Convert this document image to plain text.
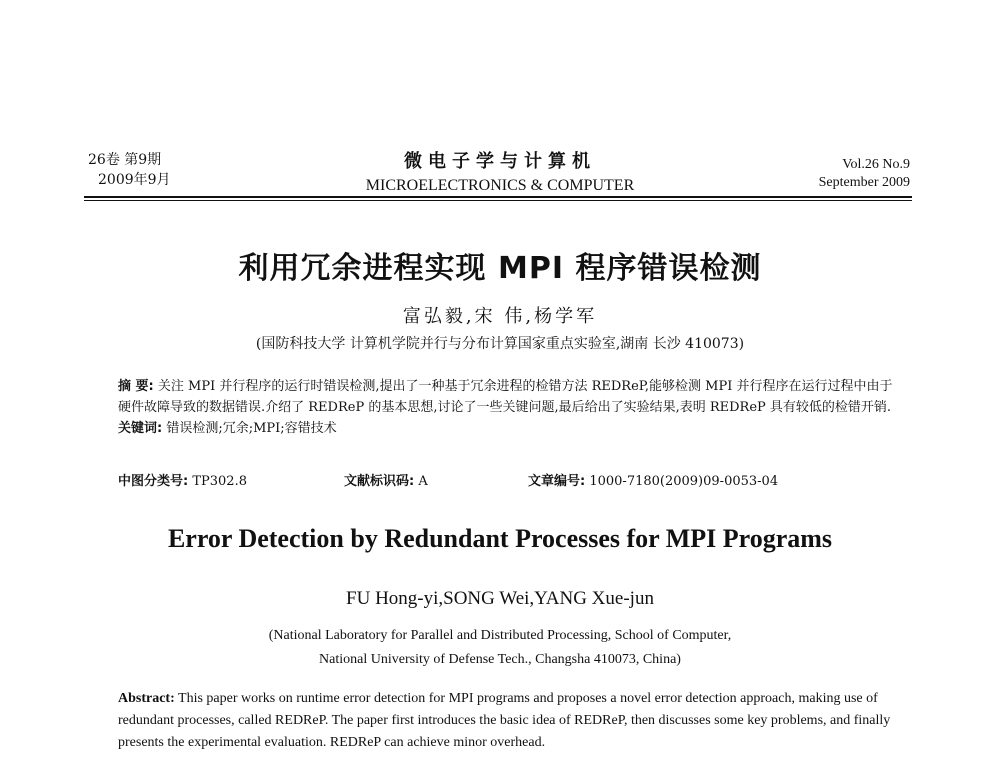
26卷 第9期
2009年9月
微电子学与计算机
MICROELECTRONICS & COMPUTER
Vol.26 No.9
September 2009
利用冗余进程实现 MPI 程序错误检测
富弘毅,宋 伟,杨学军
(国防科技大学 计算机学院并行与分布计算国家重点实验室,湖南 长沙 410073)
摘 要: 关注 MPI 并行程序的运行时错误检测,提出了一种基于冗余进程的检错方法 REDReP,能够检测 MPI 并行程序在运行过程中由于硬件故障导致的数据错误.介绍了 REDReP 的基本思想,讨论了一些关键问题,最后给出了实验结果,表明 REDReP 具有较低的检错开销.
关键词: 错误检测;冗余;MPI;容错技术
中图分类号: TP302.8	文献标识码: A	文章编号: 1000-7180(2009)09-0053-04
Error Detection by Redundant Processes for MPI Programs
FU Hong-yi,SONG Wei,YANG Xue-jun
(National Laboratory for Parallel and Distributed Processing, School of Computer,
National University of Defense Tech., Changsha 410073, China)
Abstract: This paper works on runtime error detection for MPI programs and proposes a novel error detection approach, making use of redundant processes, called REDReP. The paper first introduces the basic idea of REDReP, then discusses some key problems, and finally presents the experimental evaluation. REDReP can achieve minor overhead.
